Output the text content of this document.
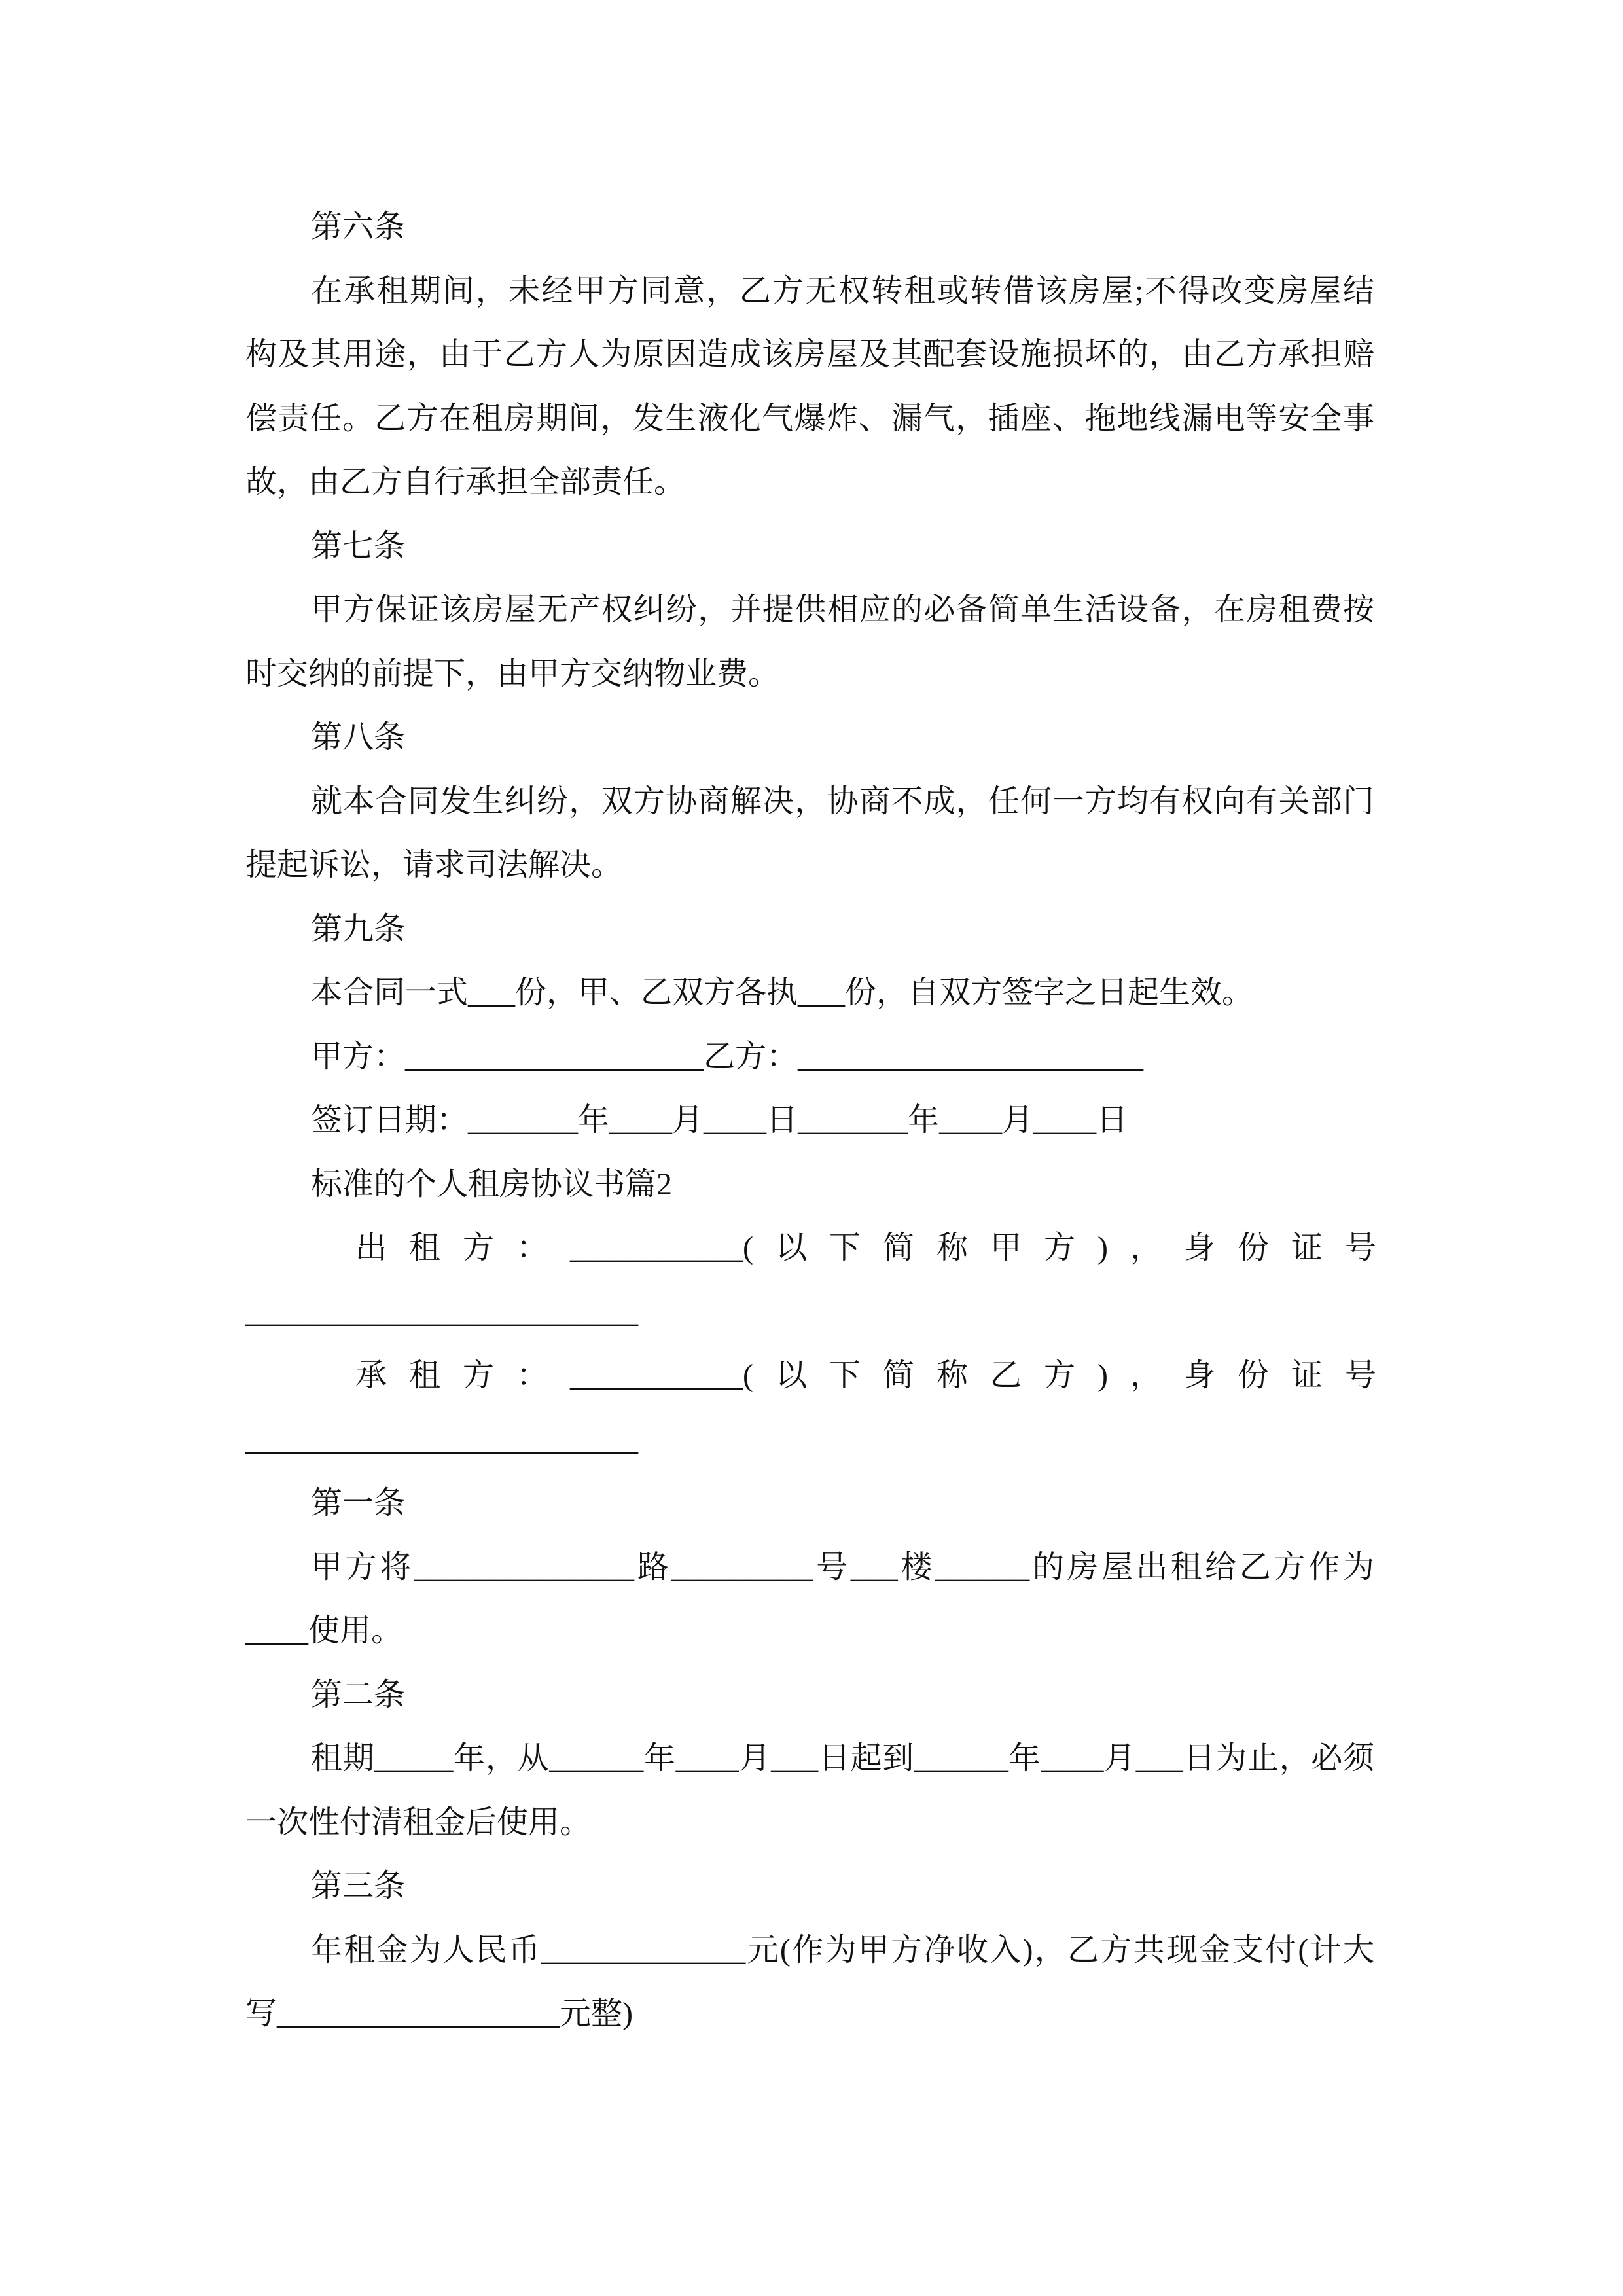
第六条
在承租期间，未经甲方同意，乙方无权转租或转借该房屋;不得改变房屋结
构及其用途，由于乙方人为原因造成该房屋及其配套设施损坏的，由乙方承担赔
偿责任。乙方在租房期间，发生液化气爆炸、漏气，插座、拖地线漏电等安全事
故，由乙方自行承担全部责任。
第七条
甲方保证该房屋无产权纠纷，并提供相应的必备简单生活设备，在房租费按
时交纳的前提下，由甲方交纳物业费。
第八条
就本合同发生纠纷，双方协商解决，协商不成，任何一方均有权向有关部门
提起诉讼，请求司法解决。
第九条
本合同一式___份，甲、乙双方各执___份，自双方签字之日起生效。
甲方：___________________乙方：______________________
签订日期：_______年____月____日_______年____月____日
标准的个人租房协议书篇2
出租方：___________(以下简称甲方)，身份证号
_________________________
承租方：___________(以下简称乙方)，身份证号
_________________________
第一条
甲方将______________路_________号___楼______的房屋出租给乙方作为
____使用。
第二条
租期_____年，从______年____月___日起到______年____月___日为止，必须
一次性付清租金后使用。
第三条
年租金为人民币_____________元(作为甲方净收入)，乙方共现金支付(计大
写__________________元整)
